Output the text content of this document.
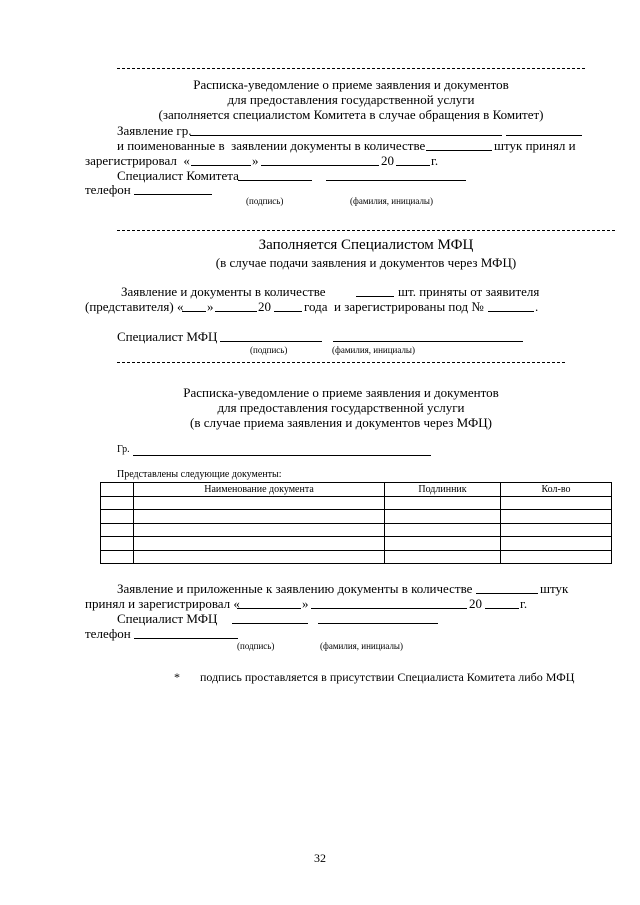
Расписка-уведомление о приеме заявления и документов
для предоставления государственной услуги
(заполняется специалистом Комитета в случае обращения в Комитет)
Заявление гр.
и поименованные в  заявлении документы в количестве	штук принял и
зарегистрировал  «	»	20	г.
Специалист Комитета
телефон
(подпись)	(фамилия, инициалы)
Заполняется Специалистом МФЦ
(в случае подачи заявления и документов через МФЦ)
Заявление и документы в количестве	шт. приняты от заявителя
(представителя) « »	20	года  и зарегистрированы под №	.
Специалист МФЦ
(подпись)	(фамилия, инициалы)
Расписка-уведомление о приеме заявления и документов
для предоставления государственной услуги
(в случае приема заявления и документов через МФЦ)
Гр.
Представлены следующие документы:
	Наименование документа	Подлинник	Кол-во

Заявление и приложенные к заявлению документы в количестве	штук
принял и зарегистрировал «	»	20	г.
Специалист МФЦ
телефон
(подпись)	(фамилия, инициалы)
* подпись проставляется в присутствии Специалиста Комитета либо МФЦ
32
